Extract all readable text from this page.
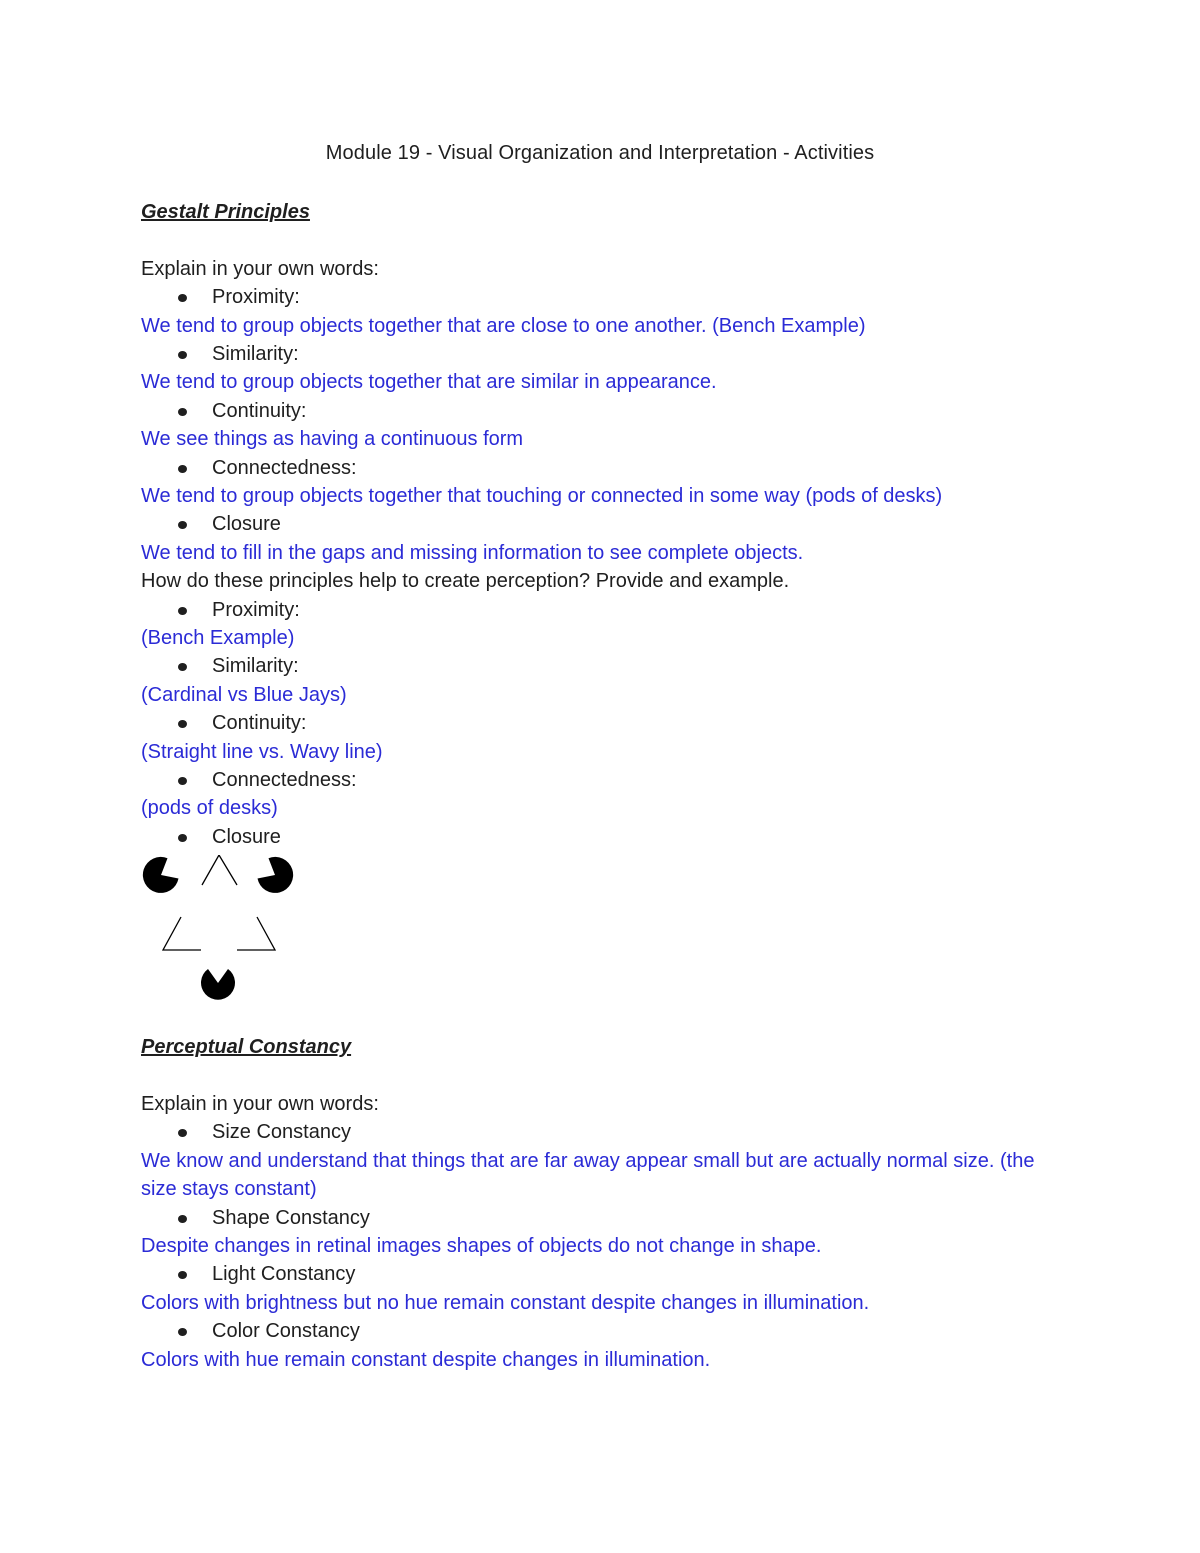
Module 19 - Visual Organization and Interpretation - Activities
Gestalt Principles
Explain in your own words:
Proximity:
We tend to group objects together that are close to one another. (Bench Example)
Similarity:
We tend to group objects together that are similar in appearance.
Continuity:
We see things as having a continuous form
Connectedness:
We tend to group objects together that touching or connected in some way (pods of desks)
Closure
We tend to fill in the gaps and missing information to see complete objects.
How do these principles help to create perception? Provide and example.
Proximity:
(Bench Example)
Similarity:
(Cardinal vs Blue Jays)
Continuity:
(Straight line vs. Wavy line)
Connectedness:
(pods of desks)
Closure
Perceptual Constancy
Explain in your own words:
Size Constancy
We know and understand that things that are far away appear small but are actually normal size. (the size stays constant)
Shape Constancy
Despite changes in retinal images shapes of objects do not change in shape.
Light Constancy
Colors with brightness but no hue remain constant despite changes in illumination.
Color Constancy
Colors with hue remain constant despite changes in illumination.
